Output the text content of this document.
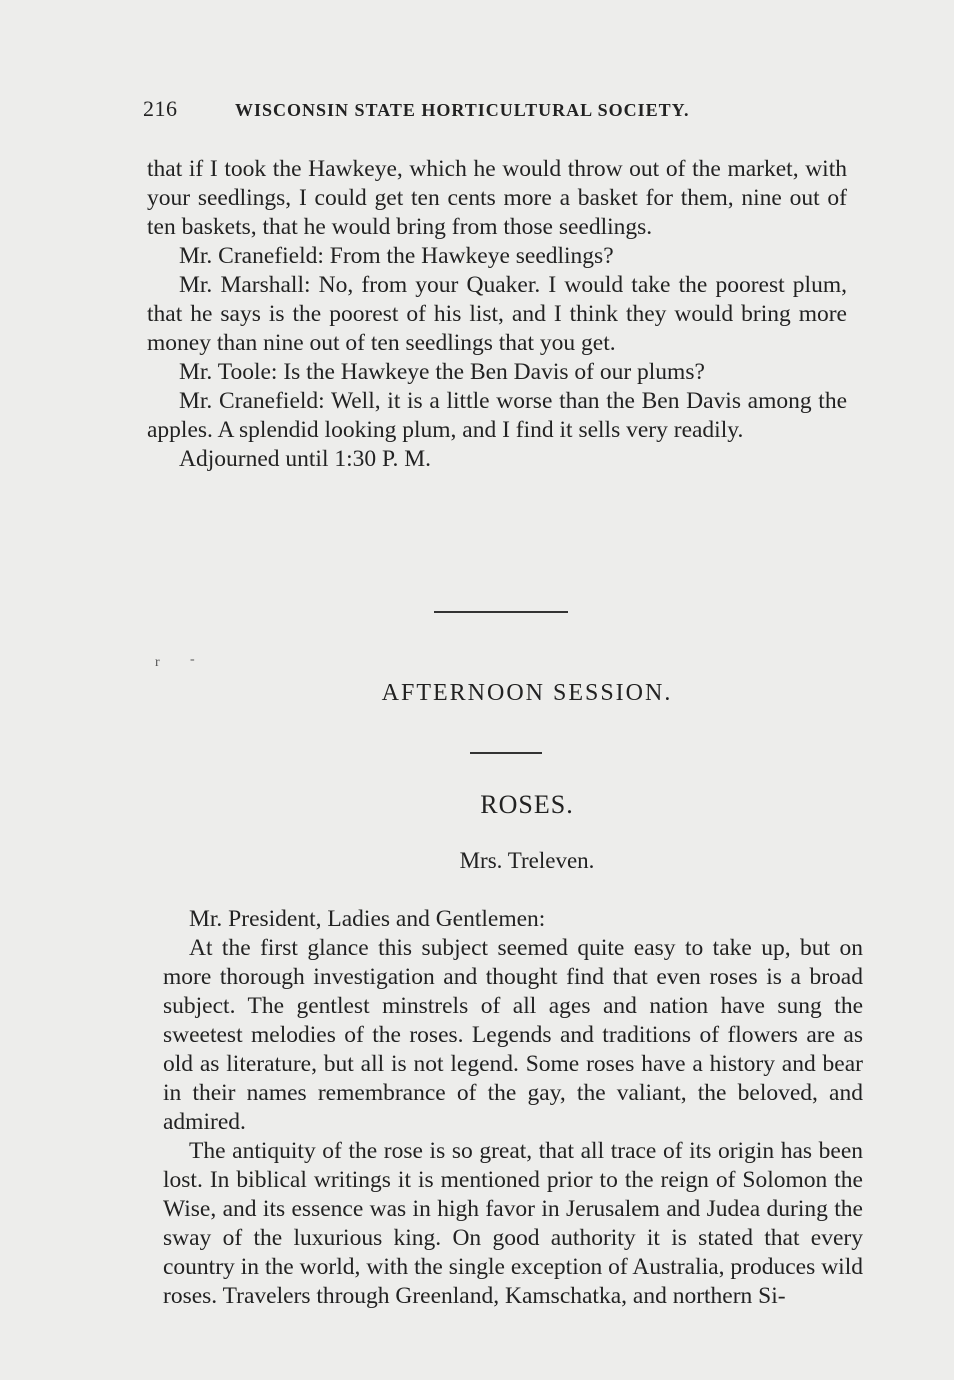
216	WISCONSIN STATE HORTICULTURAL SOCIETY.

that if I took the Hawkeye, which he would throw out of the market, with your seedlings, I could get ten cents more a basket for them, nine out of ten baskets, that he would bring from those seedlings.

Mr. Cranefield: From the Hawkeye seedlings?

Mr. Marshall: No, from your Quaker. I would take the poorest plum, that he says is the poorest of his list, and I think they would bring more money than nine out of ten seedlings that you get.

Mr. Toole: Is the Hawkeye the Ben Davis of our plums?

Mr. Cranefield: Well, it is a little worse than the Ben Davis among the apples. A splendid looking plum, and I find it sells very readily.

Adjourned until 1:30 P. M.

AFTERNOON SESSION.
ROSES.
Mrs. Treleven.

Mr. President, Ladies and Gentlemen:

At the first glance this subject seemed quite easy to take up, but on more thorough investigation and thought find that even roses is a broad subject. The gentlest minstrels of all ages and nation have sung the sweetest melodies of the roses. Legends and traditions of flowers are as old as literature, but all is not legend. Some roses have a history and bear in their names remembrance of the gay, the valiant, the beloved, and admired.

The antiquity of the rose is so great, that all trace of its origin has been lost. In biblical writings it is mentioned prior to the reign of Solomon the Wise, and its essence was in high favor in Jerusalem and Judea during the sway of the luxurious king. On good authority it is stated that every country in the world, with the single exception of Australia, produces wild roses. Travelers through Greenland, Kamschatka, and northern Si-

r -
